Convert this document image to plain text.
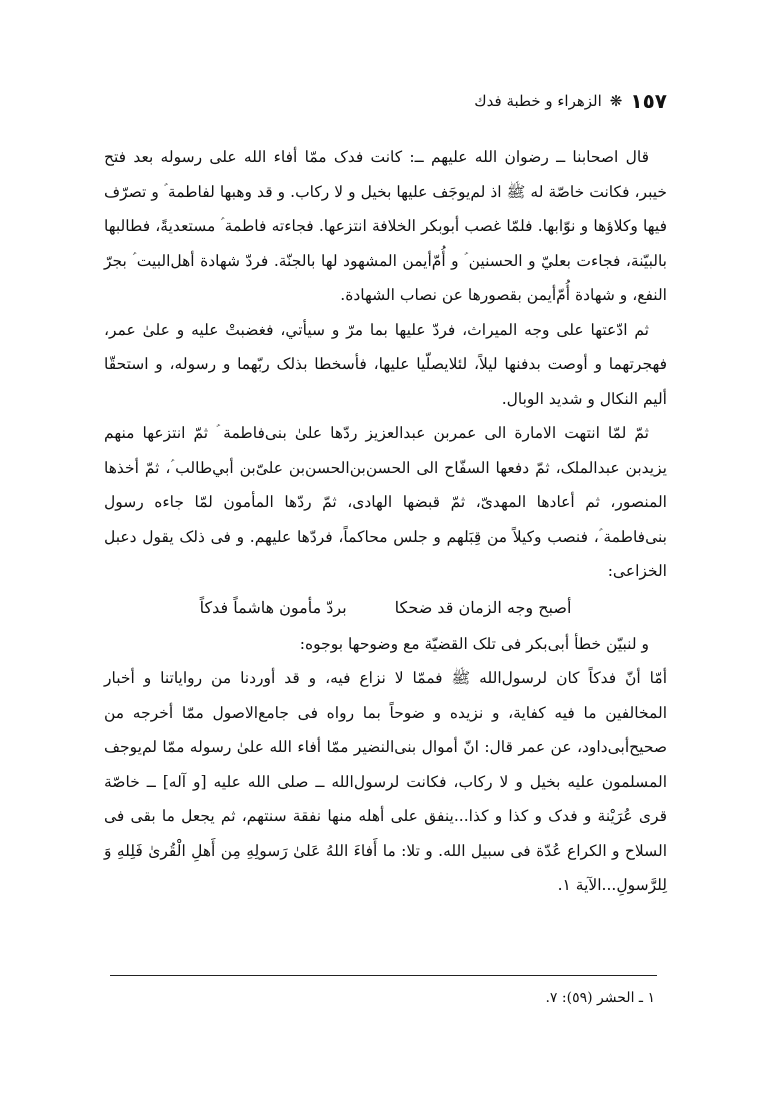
١٥٧
❋
الزهراء و خطبة فدك

قال اصحابنا ــ رضوان الله عليهم ــ: كانت فدک ممّا أفاء الله على رسوله بعد فتح خيبر، فكانت خاصّة له ﷺ اذ لم‌يوجَف عليها بخيل و لا ركاب. و قد وهبها لفاطمة ؑ و تصرّف فيها وكلاؤها و نوّابها. فلمّا غصب أبوبكر الخلافة انتزعها. فجاءته فاطمة ؑ مستعديةً، فطالبها بالبيّنة، فجاءت بعليّ و الحسنين ؑ و أُمّ‌أيمن المشهود لها بالجنّة. فردّ شهادة أهل‌البيت ؑ بجرّ النفع، و شهادة أُمّ‌أيمن بقصورها عن نصاب الشهادة.

ثم ادّعتها على وجه الميراث، فردّ عليها بما مرّ و سيأتي، فغضبتْ عليه و علىٰ عمر، فهجرتهما و أوصت بدفنها ليلاً، لئلايصلّيا عليها، فأسخطا بذلک ربّهما و رسوله، و استحقّا أليم النكال و شديد الوبال.

ثمّ لمّا انتهت الامارة الى عمربن عبدالعزيز ردّها علىٰ بنى‌فاطمة ؑ ثمّ انتزعها منهم يزيدبن عبدالملک، ثمّ دفعها السفّاح الى الحسن‌بن‌الحسن‌بن علىّ‌بن أبي‌طالب ؑ، ثمّ أخذها المنصور، ثم أعادها المهدىّ، ثمّ قبضها الهادى، ثمّ ردّها المأمون لمّا جاءه رسول بنى‌فاطمة ؑ، فنصب وكيلاً من قِبَلهم و جلس محاكماً، فردّها عليهم. و فى ذلک يقول دعبل الخزاعى:

أصبح وجه الزمان قد ضحكا
بردّ مأمون هاشماً فدكاً

و لنبيّن خطأ أبى‌بكر فى تلک القضيّة مع وضوحها بوجوه:

أمّا أنّ فدكاً كان لرسول‌الله ﷺ فممّا لا نزاع فيه، و قد أوردنا من رواياتنا و أخبار المخالفين ما فيه كفاية، و نزيده و ضوحاً بما رواه فى جامع‌الاصول ممّا أخرجه من صحيح‌أبى‌داود، عن عمر قال: انّ أموال بنى‌النضير ممّا أفاء الله علىٰ رسوله ممّا لم‌يوجف المسلمون عليه بخيل و لا ركاب، فكانت لرسول‌الله ــ صلى الله عليه [و آله] ــ خاصّة قرى عُرَيْنة و فدک و كذا و كذا...ينفق على أهله منها نفقة سنتهم، ثم يجعل ما بقى فى السلاح و الكراع عُدّة فى سبيل الله. و تلا: ما أَفاءَ اللهُ عَلىٰ رَسولِهِ مِن أَهلِ الْقُرىٰ فَلِلهِ وَ لِلرَّسولِ...الآية ١.

١ ـ الحشر (٥٩): ٧.
